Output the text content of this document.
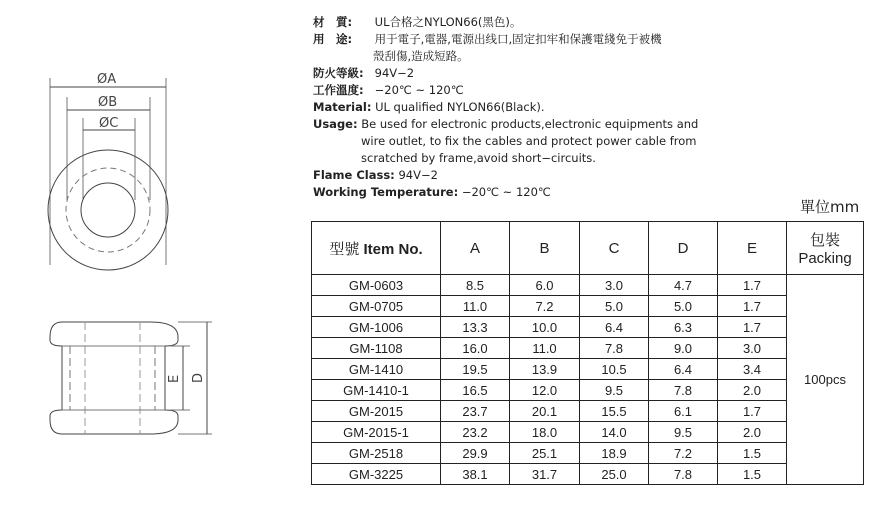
ØA
ØB
ØC
E D
材　質: UL合格之NYLON66(黑色)。
用　途: 用于電子,電器,電源出线口,固定扣牢和保護電綫免于被機
殼刮傷,造成短路。
防火等級: 94V−2
工作溫度: −20℃ ~ 120℃
Material: UL qualified NYLON66(Black).
Usage: Be used for electronic products,electronic equipments and
wire outlet, to fix the cables and protect power cable from
scratched by frame,avoid short−circuits.
Flame Class: 94V−2
Working Temperature: −20℃ ~ 120℃
單位mm
型號 Item No.	A	B	C	D	E	包裝
Packing

GM-0603	8.5	6.0	3.0	4.7	1.7	100pcs
GM-0705	11.0	7.2	5.0	5.0	1.7	
GM-1006	13.3	10.0	6.4	6.3	1.7	
GM-1108	16.0	11.0	7.8	9.0	3.0	
GM-1410	19.5	13.9	10.5	6.4	3.4	
GM-1410-1	16.5	12.0	9.5	7.8	2.0	
GM-2015	23.7	20.1	15.5	6.1	1.7	
GM-2015-1	23.2	18.0	14.0	9.5	2.0	
GM-2518	29.9	25.1	18.9	7.2	1.5	
GM-3225	38.1	31.7	25.0	7.8	1.5	
